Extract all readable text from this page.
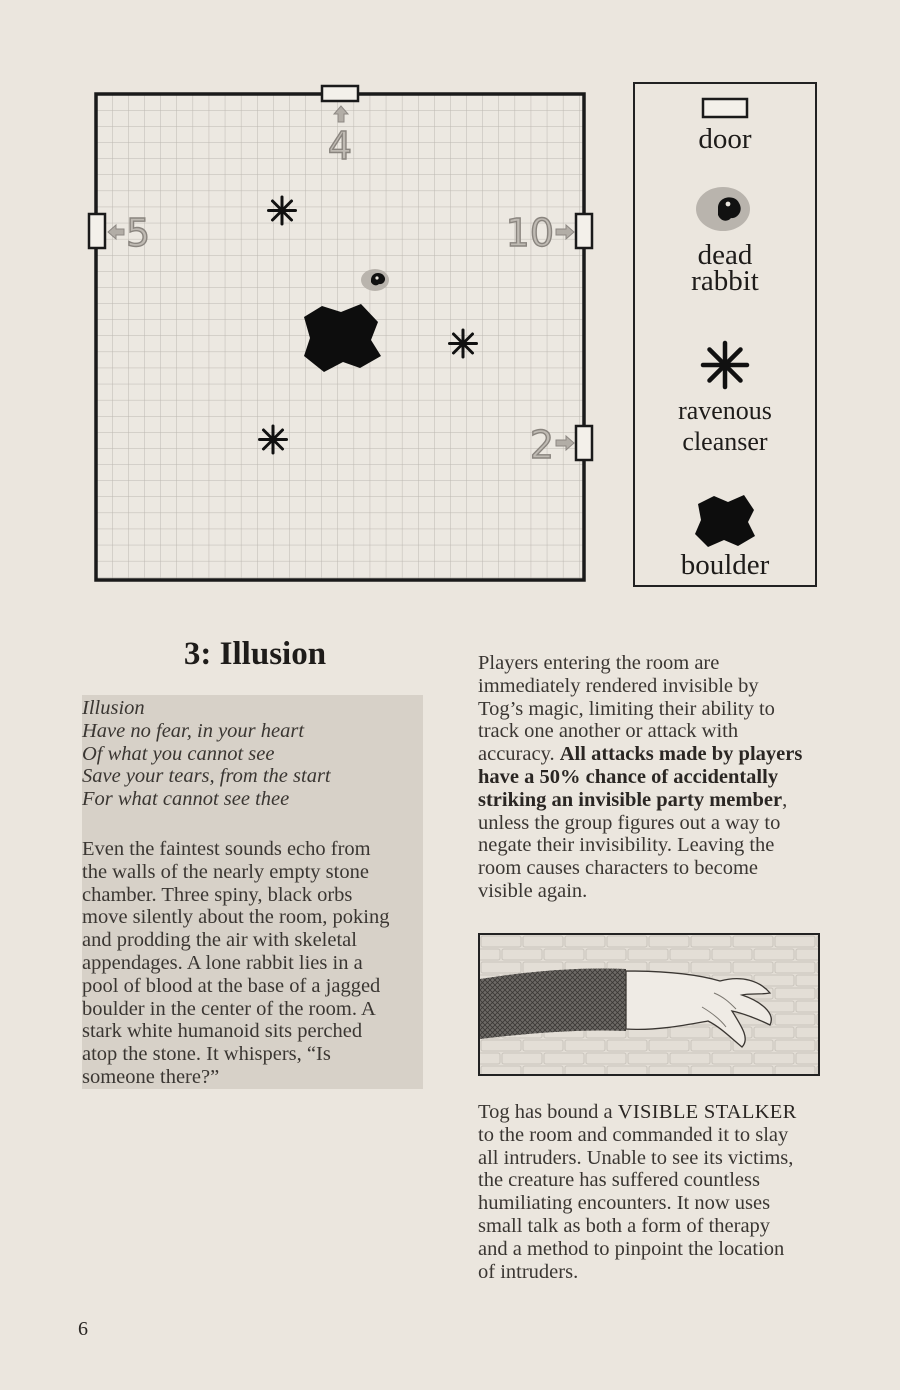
4
5	10
2
door
dead
rabbit
ravenous
cleanser
boulder
3: Illusion
Illusion
Have no fear, in your heart
Of what you cannot see
Save your tears, from the start
For what cannot see thee
Even the faintest sounds echo from
the walls of the nearly empty stone
chamber. Three spiny, black orbs
move silently about the room, poking
and prodding the air with skeletal
appendages. A lone rabbit lies in a
pool of blood at the base of a jagged
boulder in the center of the room. A
stark white humanoid sits perched
atop the stone. It whispers, “Is
someone there?”
Players entering the room are
immediately rendered invisible by
Tog’s magic, limiting their ability to
track one another or attack with
accuracy. All attacks made by players
have a 50% chance of accidentally
striking an invisible party member,
unless the group figures out a way to
negate their invisibility. Leaving the
room causes characters to become
visible again.
Tog has bound a VISIBLE STALKER
to the room and commanded it to slay
all intruders. Unable to see its victims,
the creature has suffered countless
humiliating encounters. It now uses
small talk as both a form of therapy
and a method to pinpoint the location
of intruders.
6
